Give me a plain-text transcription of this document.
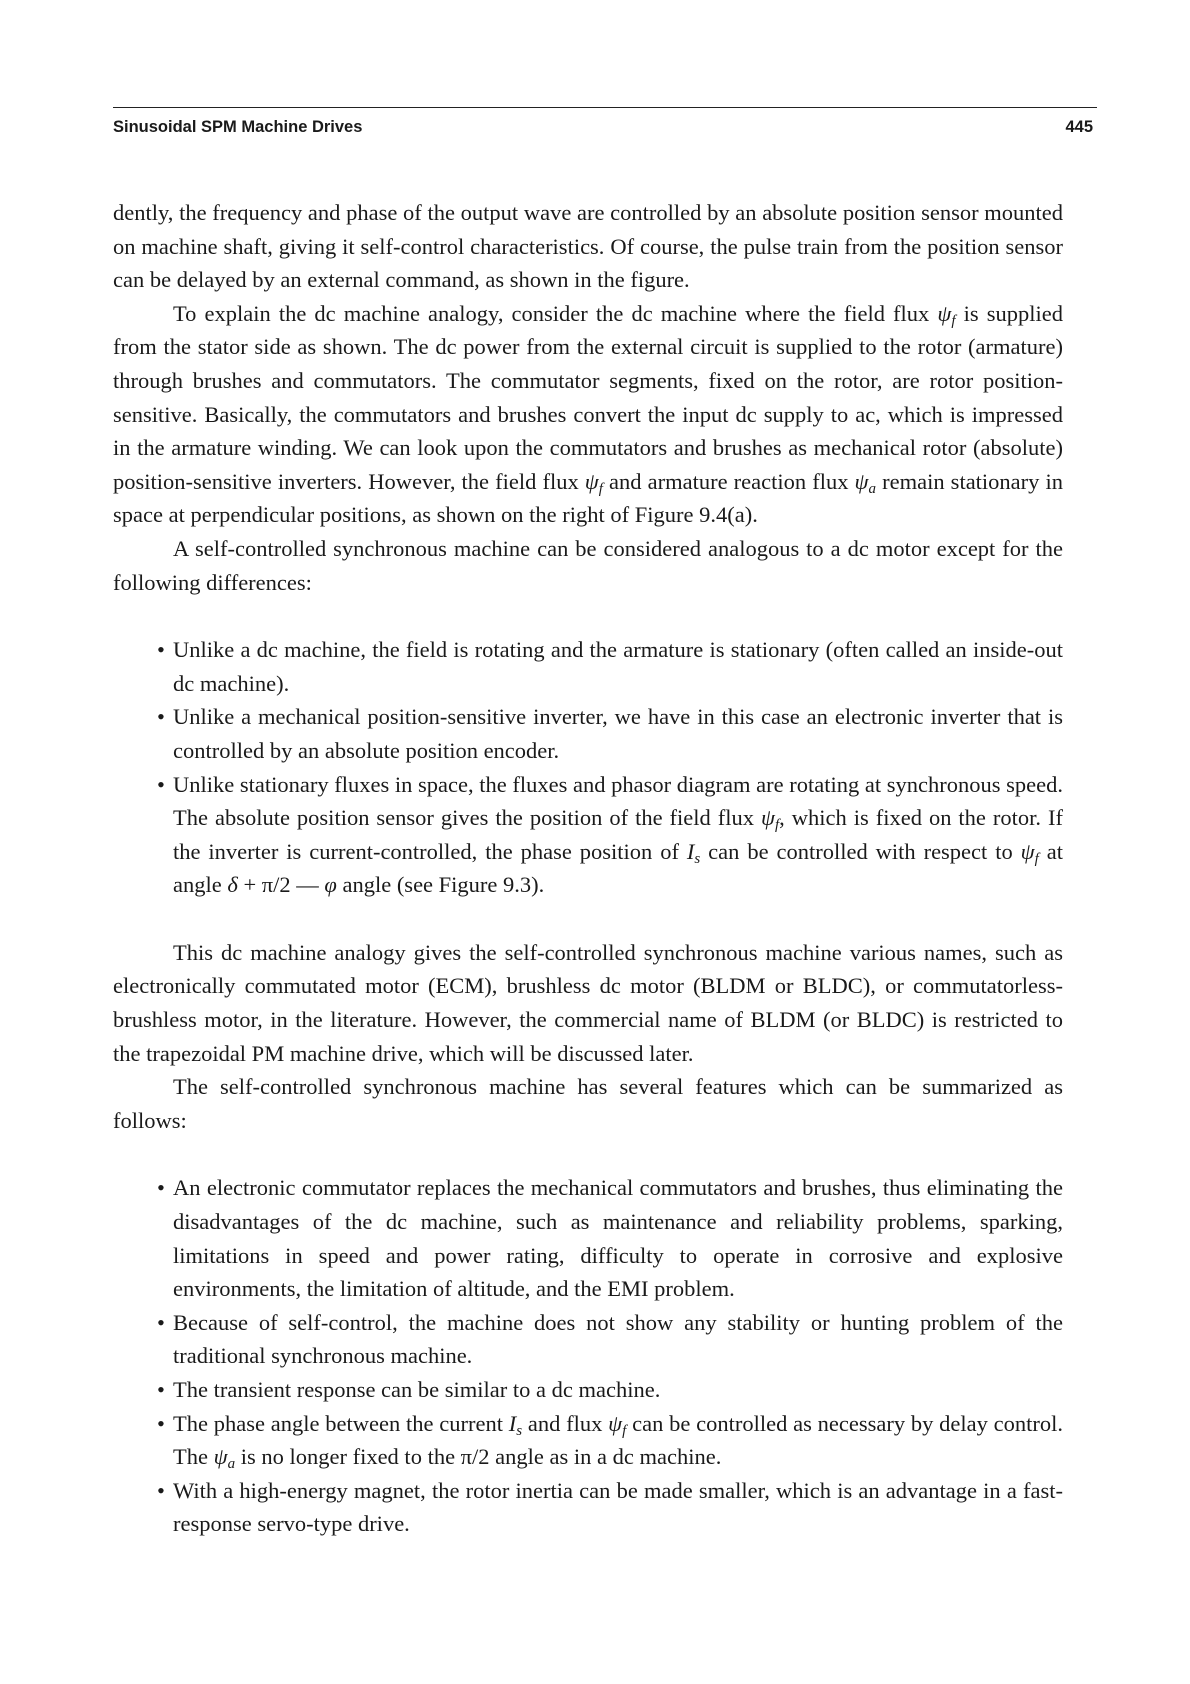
Sinusoidal SPM Machine Drives	445

dently, the frequency and phase of the output wave are controlled by an absolute position sensor mounted on machine shaft, giving it self-control characteristics. Of course, the pulse train from the position sensor can be delayed by an external command, as shown in the figure.

To explain the dc machine analogy, consider the dc machine where the field flux $\psi_f$ is supplied from the stator side as shown. The dc power from the external circuit is supplied to the rotor (armature) through brushes and commutators. The commutator segments, fixed on the rotor, are rotor position-sensitive. Basically, the commutators and brushes convert the input dc supply to ac, which is impressed in the armature winding. We can look upon the commutators and brushes as mechanical rotor (absolute) position-sensitive inverters. However, the field flux $\psi_f$ and armature reaction flux $\psi_a$ remain stationary in space at perpendicular positions, as shown on the right of Figure 9.4(a).

A self-controlled synchronous machine can be considered analogous to a dc motor except for the following differences:

• Unlike a dc machine, the field is rotating and the armature is stationary (often called an inside-out dc machine).
• Unlike a mechanical position-sensitive inverter, we have in this case an electronic inverter that is controlled by an absolute position encoder.
• Unlike stationary fluxes in space, the fluxes and phasor diagram are rotating at synchronous speed. The absolute position sensor gives the position of the field flux $\psi_f$, which is fixed on the rotor. If the inverter is current-controlled, the phase position of $I_s$ can be controlled with respect to $\psi_f$ at angle δ + π/2 — φ angle (see Figure 9.3).

This dc machine analogy gives the self-controlled synchronous machine various names, such as electronically commutated motor (ECM), brushless dc motor (BLDM or BLDC), or commutatorless-brushless motor, in the literature. However, the commercial name of BLDM (or BLDC) is restricted to the trapezoidal PM machine drive, which will be discussed later.

The self-controlled synchronous machine has several features which can be summarized as follows:

• An electronic commutator replaces the mechanical commutators and brushes, thus eliminating the disadvantages of the dc machine, such as maintenance and reliability problems, sparking, limitations in speed and power rating, difficulty to operate in corrosive and explosive environments, the limitation of altitude, and the EMI problem.
• Because of self-control, the machine does not show any stability or hunting problem of the traditional synchronous machine.
• The transient response can be similar to a dc machine.
• The phase angle between the current $I_s$ and flux $\psi_f$ can be controlled as necessary by delay control. The $\psi_a$ is no longer fixed to the π/2 angle as in a dc machine.
• With a high-energy magnet, the rotor inertia can be made smaller, which is an advantage in a fast-response servo-type drive.
